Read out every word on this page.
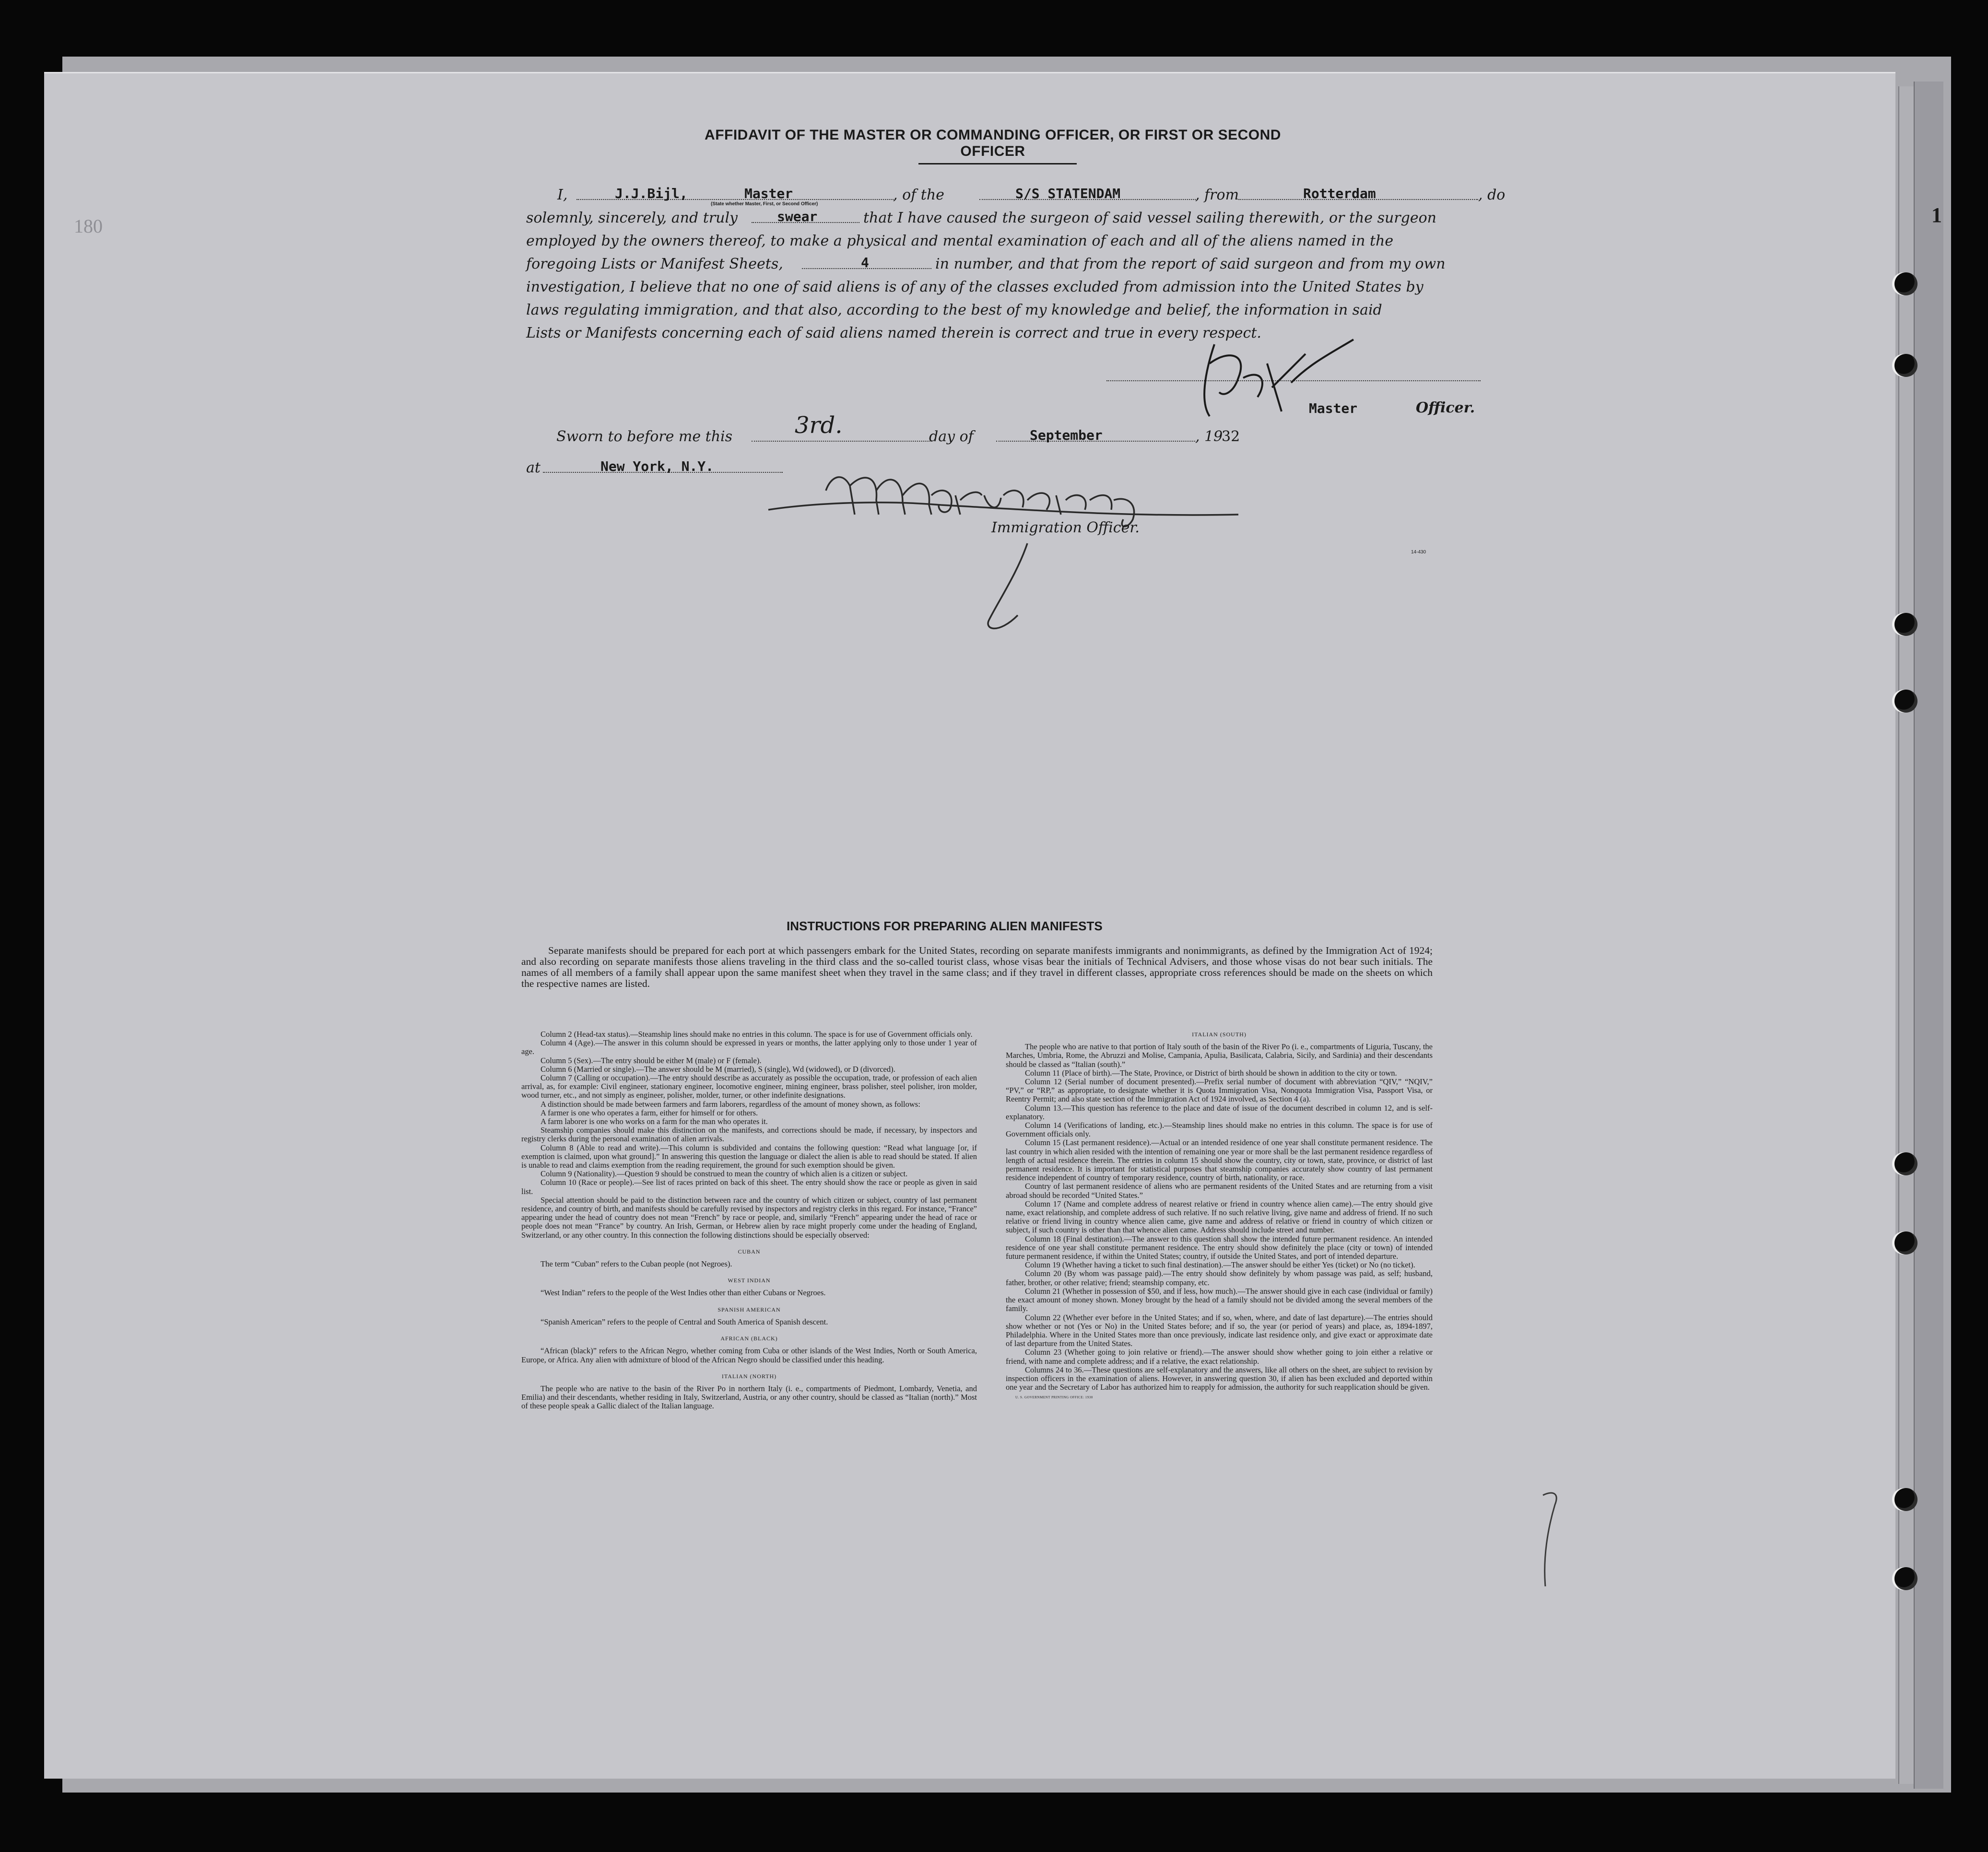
1
180
AFFIDAVIT OF THE MASTER OR COMMANDING OFFICER, OR FIRST OR SECOND OFFICER
I,	J.J.Bijl,	Master
(State whether Master, First, or Second Officer)
, of the	S/S STATENDAM	, from	Rotterdam	, do
solemnly, sincerely, and truly	swear	that I have caused the surgeon of said vessel sailing therewith, or the surgeon
employed by the owners thereof, to make a physical and mental examination of each and all of the aliens named in the
foregoing Lists or Manifest Sheets,	4	in number, and that from the report of said surgeon and from my own
investigation, I believe that no one of said aliens is of any of the classes excluded from admission into the United States by
laws regulating immigration, and that also, according to the best of my knowledge and belief, the information in said
Lists or Manifests concerning each of said aliens named therein is correct and true in every respect.
Master	Officer.
Sworn to before me this	3rd.	day of	September	, 19
32
at	New York, N.Y.
Immigration Officer.
14-430
INSTRUCTIONS FOR PREPARING ALIEN MANIFESTS
Separate manifests should be prepared for each port at which passengers embark for the United States, recording on separate manifests immigrants and nonimmigrants, as defined by the Immigration Act of 1924; and also recording on separate manifests those aliens traveling in the third class and the so-called tourist class, whose visas bear the initials of Technical Advisers, and those whose visas do not bear such initials. The names of all members of a family shall appear upon the same manifest sheet when they travel in the same class; and if they travel in different classes, appropriate cross references should be made on the sheets on which the respective names are listed.

Column 2 (Head-tax status).—Steamship lines should make no entries in this column. The space is for use of Government officials only.

Column 4 (Age).—The answer in this column should be expressed in years or months, the latter applying only to those under 1 year of age.

Column 5 (Sex).—The entry should be either M (male) or F (female).

Column 6 (Married or single).—The answer should be M (married), S (single), Wd (widowed), or D (divorced).

Column 7 (Calling or occupation).—The entry should describe as accurately as possible the occupation, trade, or profession of each alien arrival, as, for example: Civil engineer, stationary engineer, locomotive engineer, mining engineer, brass polisher, steel polisher, iron molder, wood turner, etc., and not simply as engineer, polisher, molder, turner, or other indefinite designations.

A distinction should be made between farmers and farm laborers, regardless of the amount of money shown, as follows:

A farmer is one who operates a farm, either for himself or for others.

A farm laborer is one who works on a farm for the man who operates it.

Steamship companies should make this distinction on the manifests, and corrections should be made, if necessary, by inspectors and registry clerks during the personal examination of alien arrivals.

Column 8 (Able to read and write).—This column is subdivided and contains the following question: “Read what language [or, if exemption is claimed, upon what ground].” In answering this question the language or dialect the alien is able to read should be stated. If alien is unable to read and claims exemption from the reading requirement, the ground for such exemption should be given.

Column 9 (Nationality).—Question 9 should be construed to mean the country of which alien is a citizen or subject.

Column 10 (Race or people).—See list of races printed on back of this sheet. The entry should show the race or people as given in said list.

Special attention should be paid to the distinction between race and the country of which citizen or subject, country of last permanent residence, and country of birth, and manifests should be carefully revised by inspectors and registry clerks in this regard. For instance, “France” appearing under the head of country does not mean “French” by race or people, and, similarly “French” appearing under the head of race or people does not mean “France” by country. An Irish, German, or Hebrew alien by race might properly come under the heading of England, Switzerland, or any other country. In this connection the following distinctions should be especially observed:

CUBAN

The term “Cuban” refers to the Cuban people (not Negroes).

WEST INDIAN

“West Indian” refers to the people of the West Indies other than either Cubans or Negroes.

SPANISH AMERICAN

“Spanish American” refers to the people of Central and South America of Spanish descent.

AFRICAN (BLACK)

“African (black)” refers to the African Negro, whether coming from Cuba or other islands of the West Indies, North or South America, Europe, or Africa. Any alien with admixture of blood of the African Negro should be classified under this heading.

ITALIAN (NORTH)

The people who are native to the basin of the River Po in northern Italy (i. e., compartments of Piedmont, Lombardy, Venetia, and Emilia) and their descendants, whether residing in Italy, Switzerland, Austria, or any other country, should be classed as “Italian (north).” Most of these people speak a Gallic dialect of the Italian language.

ITALIAN (SOUTH)

The people who are native to that portion of Italy south of the basin of the River Po (i. e., compartments of Liguria, Tuscany, the Marches, Umbria, Rome, the Abruzzi and Molise, Campania, Apulia, Basilicata, Calabria, Sicily, and Sardinia) and their descendants should be classed as “Italian (south).”

Column 11 (Place of birth).—The State, Province, or District of birth should be shown in addition to the city or town.

Column 12 (Serial number of document presented).—Prefix serial number of document with abbreviation “QIV,” “NQIV,” “PV,” or “RP,” as appropriate, to designate whether it is Quota Immigration Visa, Nonquota Immigration Visa, Passport Visa, or Reentry Permit; and also state section of the Immigration Act of 1924 involved, as Section 4 (a).

Column 13.—This question has reference to the place and date of issue of the document described in column 12, and is self-explanatory.

Column 14 (Verifications of landing, etc.).—Steamship lines should make no entries in this column. The space is for use of Government officials only.

Column 15 (Last permanent residence).—Actual or an intended residence of one year shall constitute permanent residence. The last country in which alien resided with the intention of remaining one year or more shall be the last permanent residence regardless of length of actual residence therein. The entries in column 15 should show the country, city or town, state, province, or district of last permanent residence. It is important for statistical purposes that steamship companies accurately show country of last permanent residence independent of country of temporary residence, country of birth, nationality, or race.

Country of last permanent residence of aliens who are permanent residents of the United States and are returning from a visit abroad should be recorded “United States.”

Column 17 (Name and complete address of nearest relative or friend in country whence alien came).—The entry should give name, exact relationship, and complete address of such relative. If no such relative living, give name and address of friend. If no such relative or friend living in country whence alien came, give name and address of relative or friend in country of which citizen or subject, if such country is other than that whence alien came. Address should include street and number.

Column 18 (Final destination).—The answer to this question shall show the intended future permanent residence. An intended residence of one year shall constitute permanent residence. The entry should show definitely the place (city or town) of intended future permanent residence, if within the United States; country, if outside the United States, and port of intended departure.

Column 19 (Whether having a ticket to such final destination).—The answer should be either Yes (ticket) or No (no ticket).

Column 20 (By whom was passage paid).—The entry should show definitely by whom passage was paid, as self; husband, father, brother, or other relative; friend; steamship company, etc.

Column 21 (Whether in possession of $50, and if less, how much).—The answer should give in each case (individual or family) the exact amount of money shown. Money brought by the head of a family should not be divided among the several members of the family.

Column 22 (Whether ever before in the United States; and if so, when, where, and date of last departure).—The entries should show whether or not (Yes or No) in the United States before; and if so, the year (or period of years) and place, as, 1894-1897, Philadelphia. Where in the United States more than once previously, indicate last residence only, and give exact or approximate date of last departure from the United States.

Column 23 (Whether going to join relative or friend).—The answer should show whether going to join either a relative or friend, with name and complete address; and if a relative, the exact relationship.

Columns 24 to 36.—These questions are self-explanatory and the answers, like all others on the sheet, are subject to revision by inspection officers in the examination of aliens. However, in answering question 30, if alien has been excluded and deported within one year and the Secretary of Labor has authorized him to reapply for admission, the authority for such reapplication should be given.

U. S. GOVERNMENT PRINTING OFFICE: 1930
